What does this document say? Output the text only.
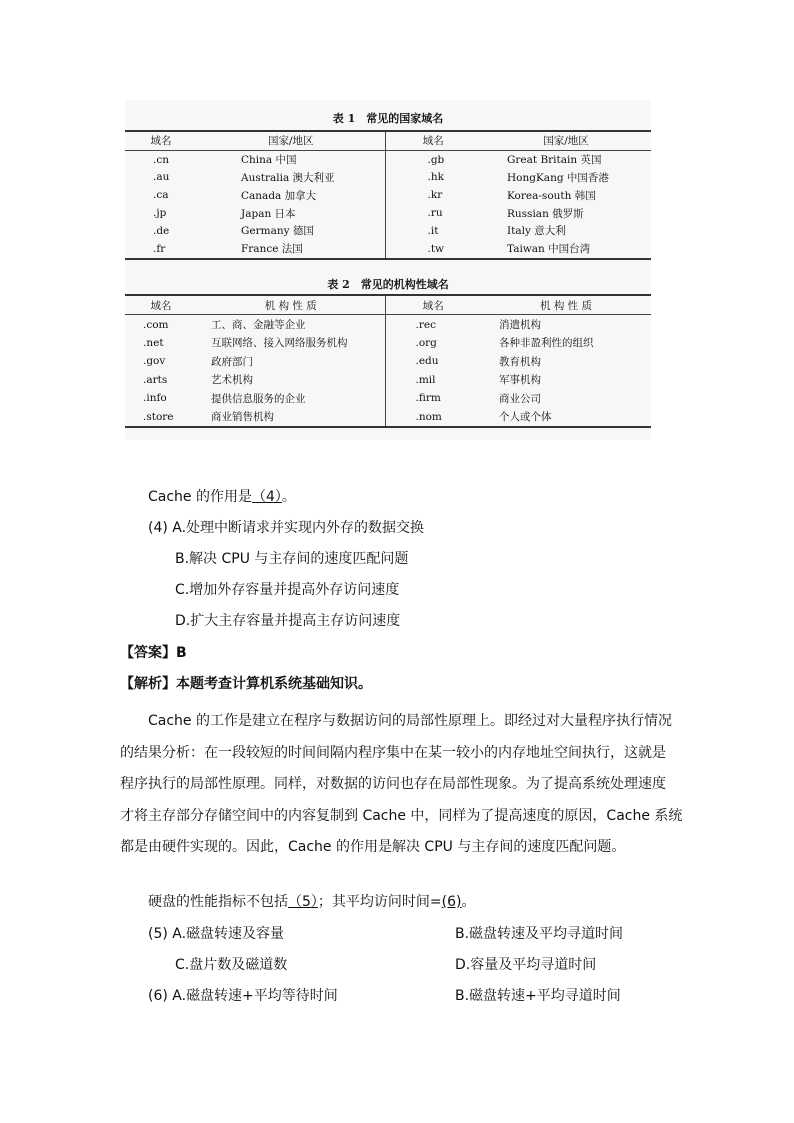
表 1　常见的国家域名
域名	国家/地区	域名	国家/地区
.cn	China 中国	.gb	Great Britain 英国
.au	Australia 澳大利亚	.hk	HongKang 中国香港
.ca	Canada 加拿大	.kr	Korea-south 韩国
.jp	Japan 日本	.ru	Russian 俄罗斯
.de	Germany 德国	.it	Italy 意大利
.fr	France 法国	.tw	Taiwan 中国台湾
表 2　常见的机构性域名
域名	机 构 性 质	域名	机 构 性 质
.com	工、商、金融等企业	.rec	消遣机构
.net	互联网络、接入网络服务机构	.org	各种非盈利性的组织
.gov	政府部门	.edu	教育机构
.arts	艺术机构	.mil	军事机构
.info	提供信息服务的企业	.firm	商业公司
.store	商业销售机构	.nom	个人或个体
Cache 的作用是（4）。
(4) A.处理中断请求并实现内外存的数据交换
B.解决 CPU 与主存间的速度匹配问题
C.增加外存容量并提高外存访问速度
D.扩大主存容量并提高主存访问速度
【答案】B
【解析】本题考查计算机系统基础知识。
　　Cache 的工作是建立在程序与数据访问的局部性原理上。即经过对大量程序执行情况
的结果分析：在一段较短的时间间隔内程序集中在某一较小的内存地址空间执行，这就是
程序执行的局部性原理。同样，对数据的访问也存在局部性现象。为了提高系统处理速度
才将主存部分存储空间中的内容复制到 Cache 中，同样为了提高速度的原因，Cache 系统
都是由硬件实现的。因此，Cache 的作用是解决 CPU 与主存间的速度匹配问题。
硬盘的性能指标不包括（5）；其平均访问时间=(6)。
(5) A.磁盘转速及容量	B.磁盘转速及平均寻道时间
C.盘片数及磁道数	D.容量及平均寻道时间
(6) A.磁盘转速+平均等待时间	B.磁盘转速+平均寻道时间
